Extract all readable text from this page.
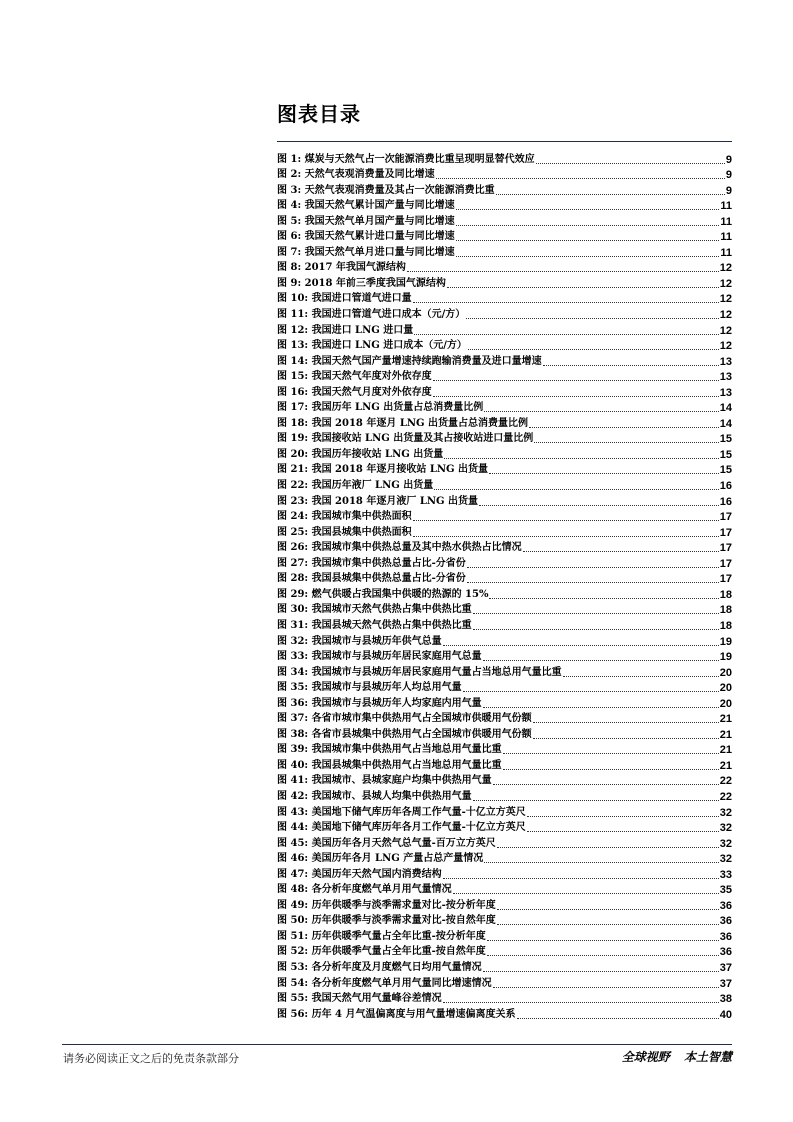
图表目录
图 1: 煤炭与天然气占一次能源消费比重呈现明显替代效应	9
图 2: 天然气表观消费量及同比增速	9
图 3: 天然气表观消费量及其占一次能源消费比重	9
图 4: 我国天然气累计国产量与同比增速	11
图 5: 我国天然气单月国产量与同比增速	11
图 6: 我国天然气累计进口量与同比增速	11
图 7: 我国天然气单月进口量与同比增速	11
图 8: 2017 年我国气源结构	12
图 9: 2018 年前三季度我国气源结构	12
图 10: 我国进口管道气进口量	12
图 11: 我国进口管道气进口成本（元/方）	12
图 12: 我国进口 LNG 进口量	12
图 13: 我国进口 LNG 进口成本（元/方）	12
图 14: 我国天然气国产量增速持续跑输消费量及进口量增速	13
图 15: 我国天然气年度对外依存度	13
图 16: 我国天然气月度对外依存度	13
图 17: 我国历年 LNG 出货量占总消费量比例	14
图 18: 我国 2018 年逐月 LNG 出货量占总消费量比例	14
图 19: 我国接收站 LNG 出货量及其占接收站进口量比例	15
图 20: 我国历年接收站 LNG 出货量	15
图 21: 我国 2018 年逐月接收站 LNG 出货量	15
图 22: 我国历年液厂 LNG 出货量	16
图 23: 我国 2018 年逐月液厂 LNG 出货量	16
图 24: 我国城市集中供热面积	17
图 25: 我国县城集中供热面积	17
图 26: 我国城市集中供热总量及其中热水供热占比情况	17
图 27: 我国城市集中供热总量占比-分省份	17
图 28: 我国县城集中供热总量占比-分省份	17
图 29: 燃气供暖占我国集中供暖的热源的 15%	18
图 30: 我国城市天然气供热占集中供热比重	18
图 31: 我国县城天然气供热占集中供热比重	18
图 32: 我国城市与县城历年供气总量	19
图 33: 我国城市与县城历年居民家庭用气总量	19
图 34: 我国城市与县城历年居民家庭用气量占当地总用气量比重	20
图 35: 我国城市与县城历年人均总用气量	20
图 36: 我国城市与县城历年人均家庭内用气量	20
图 37: 各省市城市集中供热用气占全国城市供暖用气份额	21
图 38: 各省市县城集中供热用气占全国城市供暖用气份额	21
图 39: 我国城市集中供热用气占当地总用气量比重	21
图 40: 我国县城集中供热用气占当地总用气量比重	21
图 41: 我国城市、县城家庭户均集中供热用气量	22
图 42: 我国城市、县城人均集中供热用气量	22
图 43: 美国地下储气库历年各周工作气量-十亿立方英尺	32
图 44: 美国地下储气库历年各月工作气量-十亿立方英尺	32
图 45: 美国历年各月天然气总气量-百万立方英尺	32
图 46: 美国历年各月 LNG 产量占总产量情况	32
图 47: 美国历年天然气国内消费结构	33
图 48: 各分析年度燃气单月用气量情况	35
图 49: 历年供暖季与淡季需求量对比-按分析年度	36
图 50: 历年供暖季与淡季需求量对比-按自然年度	36
图 51: 历年供暖季气量占全年比重-按分析年度	36
图 52: 历年供暖季气量占全年比重-按自然年度	36
图 53: 各分析年度及月度燃气日均用气量情况	37
图 54: 各分析年度燃气单月用气量同比增速情况	37
图 55: 我国天然气用气量峰谷差情况	38
图 56: 历年 4 月气温偏离度与用气量增速偏离度关系	40
请务必阅读正文之后的免责条款部分	全球视野 本土智慧
